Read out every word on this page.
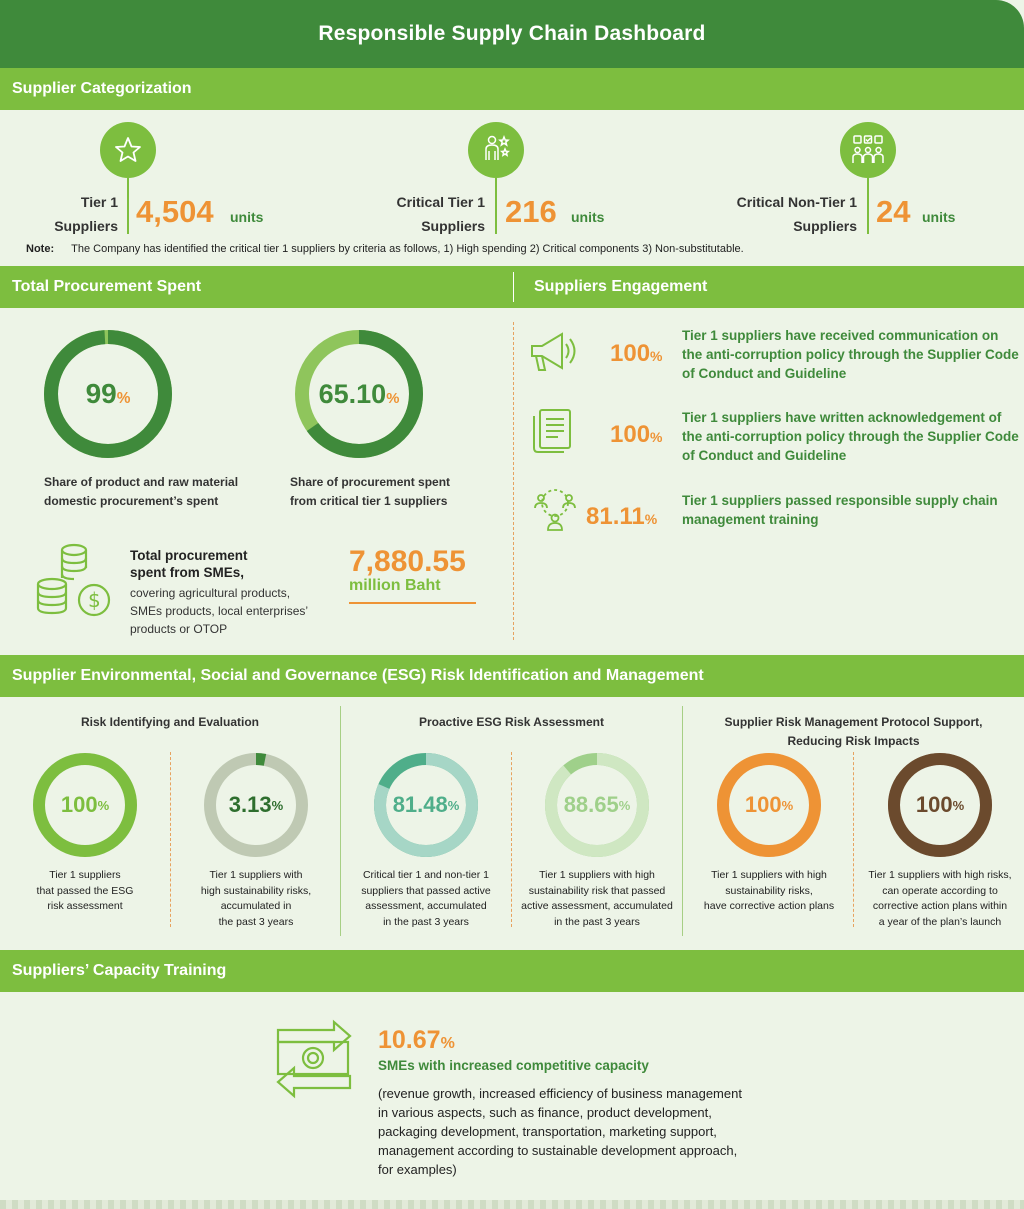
Responsible Supply Chain Dashboard
Supplier Categorization
Tier 1
Suppliers 4,504 units
Critical Tier 1
Suppliers 216 units
Critical Non-Tier 1
Suppliers 24 units
Note: The Company has identified the critical tier 1 suppliers by criteria as follows, 1) High spending 2) Critical components 3) Non-substitutable.
Total Procurement Spent	Suppliers Engagement
99%
Share of product and raw material
domestic procurement’s spent
65.10%
Share of procurement spent
from critical tier 1 suppliers
$
Total procurement
spent from SMEs,
covering agricultural products,
SMEs products, local enterprises’
products or OTOP
7,880.55
million Baht
100%
Tier 1 suppliers have received communication on
the anti-corruption policy through the Supplier Code
of Conduct and Guideline
100%
Tier 1 suppliers have written acknowledgement of
the anti-corruption policy through the Supplier Code
of Conduct and Guideline
81.11%
Tier 1 suppliers passed responsible supply chain
management training
Supplier Environmental, Social and Governance (ESG) Risk Identification and Management
Risk Identifying and Evaluation	Proactive ESG Risk Assessment	Supplier Risk Management Protocol Support,
Reducing Risk Impacts
100 %
Tier 1 suppliers
that passed the ESG
risk assessment
3.13 %
Tier 1 suppliers with
high sustainability risks,
accumulated in
the past 3 years
81.48 %
Critical tier 1 and non-tier 1
suppliers that passed active
assessment, accumulated
in the past 3 years
88.65 %
Tier 1 suppliers with high
sustainability risk that passed
active assessment, accumulated
in the past 3 years
100 %
Tier 1 suppliers with high
sustainability risks,
have corrective action plans
100 %
Tier 1 suppliers with high risks,
can operate according to
corrective action plans within
a year of the plan’s launch
Suppliers’ Capacity Training
10.67%
SMEs with increased competitive capacity
(revenue growth, increased efficiency of business management
in various aspects, such as finance, product development,
packaging development, transportation, marketing support,
management according to sustainable development approach,
for examples)
